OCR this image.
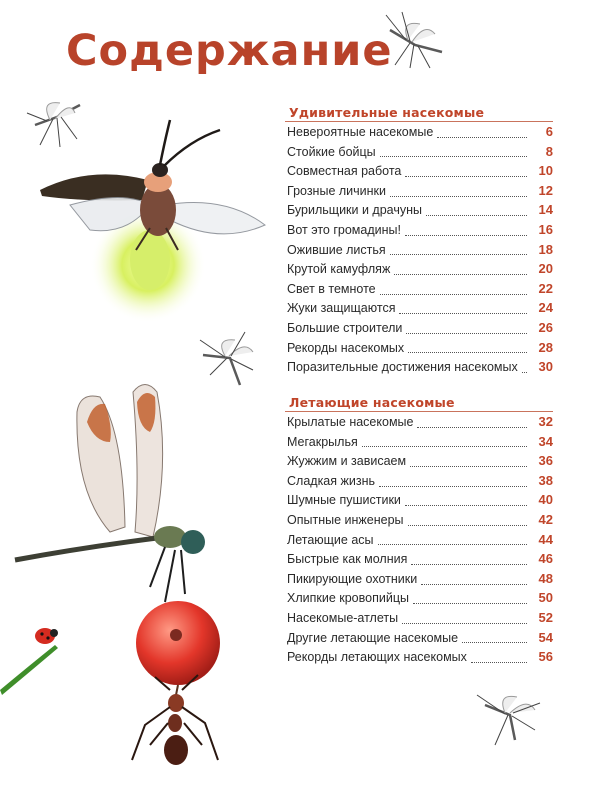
Содержание
Удивительные насекомые
Невероятные насекомые	6
Стойкие бойцы	8
Совместная работа	10
Грозные личинки	12
Бурильщики и драчуны	14
Вот это громадины!	16
Ожившие листья	18
Крутой камуфляж	20
Свет в темноте	22
Жуки защищаются	24
Большие строители	26
Рекорды насекомых	28
Поразительные достижения насекомых	30
Летающие насекомые
Крылатые насекомые	32
Мегакрылья	34
Жужжим и зависаем	36
Сладкая жизнь	38
Шумные пушистики	40
Опытные инженеры	42
Летающие асы	44
Быстрые как молния	46
Пикирующие охотники	48
Хлипкие кровопийцы	50
Насекомые-атлеты	52
Другие летающие насекомые	54
Рекорды летающих насекомых	56
